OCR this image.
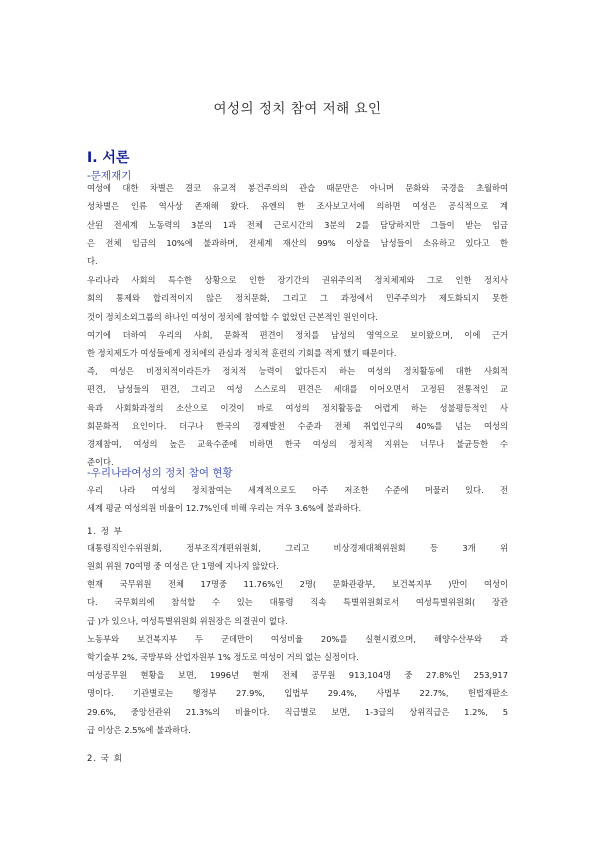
여성의 정치 참여 저해 요인
Ⅰ. 서론
-문제재기
여성에 대한 차별은 결코 유교적 봉건주의의 관습 때문만은 아니며 문화와 국경을 초월하여
성차별은 인류 역사상 존재해 왔다. 유엔의 한 조사보고서에 의하면 여성은 공식적으로 계
산된 전세계 노동력의 3분의 1과 전체 근로시간의 3분의 2를 담당하지만 그들이 받는 임금
은 전체 임금의 10%에 불과하며, 전세계 재산의 99% 이상을 남성들이 소유하고 있다고 한
다.
우리나라 사회의 특수한 상황으로 인한 장기간의 권위주의적 정치체제와 그로 인한 정치사
회의 통제와 합리적이지 않은 정치문화, 그리고 그 과정에서 민주주의가 제도화되지 못한
것이 정치소외그룹의 하나인 여성이 정치에 참여할 수 없었던 근본적인 원인이다.
여기에 더하여 우리의 사회, 문화적 편견이 정치를 남성의 영역으로 보이왔으며, 이에 근거
한 정치제도가 여성들에게 정치에의 관심과 정치적 훈련의 기회를 적게 했기 때문이다.
즉, 여성은 비정치적이라든가 정치적 능력이 없다든지 하는 여성의 정치활동에 대한 사회적
편견, 남성들의 편견, 그리고 여성 스스로의 편견은 세대를 이어오면서 고정된 전통적인 교
육과 사회화과정의 소산으로 이것이 바로 여성의 정치활동을 어렵게 하는 성불평등적인 사
회문화적 요인이다. 더구나 한국의 경제발전 수준과 전체 취업인구의 40%를 넘는 여성의
경제참여, 여성의 높은 교육수준에 비하면 한국 여성의 정치적 지위는 너무나 불균등한 수
준이다.
-우리나라여성의 정치 참여 현황
우리 나라 여성의 정치참여는 세계적으로도 아주 저조한 수준에 머물러 있다. 전
세계 평균 여성의원 비율이 12.7%인데 비해 우리는 겨우 3.6%에 불과하다.
1. 정 부
대통령직인수위원회, 정부조직개편위원회, 그리고 비상경제대책위원회 등 3개 위
원회 위원 70여명 중 여성은 단 1명에 지나지 않았다.
현재 국무위원 전체 17명중 11.76%인 2명( 문화관광부, 보건복지부 )만이 여성이
다. 국무회의에 참석할 수 있는 대통령 직속 특별위원회로서 여성특별위원회( 장관
급 )가 있으나, 여성특별위원회 위원장은 의결권이 없다.
노동부와 보건복지부 두 군데만이 여성비율 20%를 실현시켰으며, 해양수산부와 과
학기술부 2%, 국방부와 산업자원부 1% 정도로 여성이 거의 없는 실정이다.
여성공무원 현황을 보면, 1996년 현재 전체 공무원 913,104명 중 27.8%인 253,917
명이다. 기관별로는 행정부 27.9%, 입법부 29.4%, 사법부 22.7%, 헌법재판소
29.6%, 중앙선관위 21.3%의 비율이다. 직급별로 보면, 1-3급의 상위직급은 1.2%, 5
급 이상은 2.5%에 불과하다.
2. 국 회
